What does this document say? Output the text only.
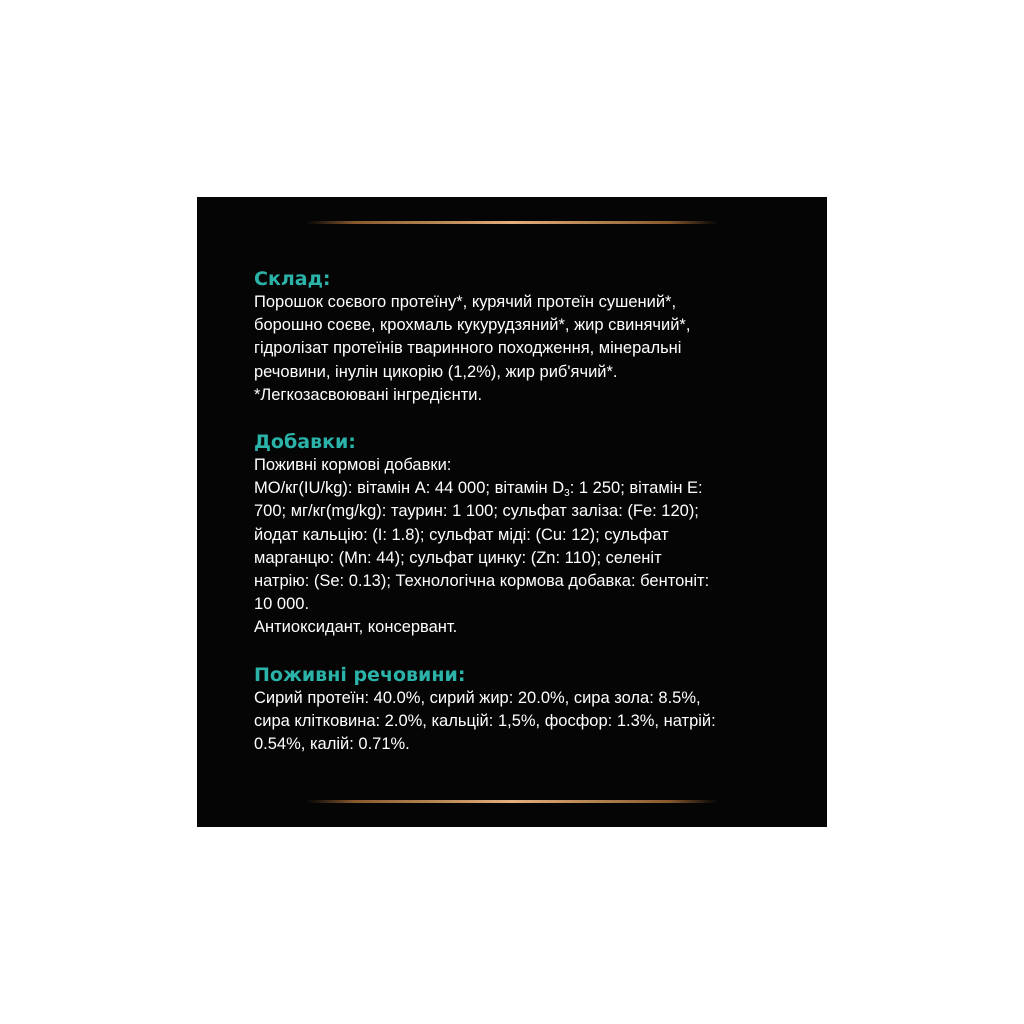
Склад:
Порошок соєвого протеїну*, курячий протеїн сушений*,
борошно соєве, крохмаль кукурудзяний*, жир свинячий*,
гідролізат протеїнів тваринного походження, мінеральні
речовини, інулін цикорію (1,2%), жир риб'ячий*.
*Легкозасвоювані інгредієнти.
Добавки:
Поживні кормові добавки:
МО/кг(IU/kg): вітамін А: 44 000; вітамін $D_3$: 1 250; вітамін Е:
700; мг/кг(mg/kg): таурин: 1 100; сульфат заліза: (Fe: 120);
йодат кальцію: (I: 1.8); сульфат міді: (Cu: 12); сульфат
марганцю: (Mn: 44); сульфат цинку: (Zn: 110); селеніт
натрію: (Se: 0.13); Технологічна кормова добавка: бентоніт:
10 000.
Антиоксидант, консервант.
Поживні речовини:
Сирий протеїн: 40.0%, сирий жир: 20.0%, сира зола: 8.5%,
сира клітковина: 2.0%, кальцій: 1,5%, фосфор: 1.3%, натрій:
0.54%, калій: 0.71%.
